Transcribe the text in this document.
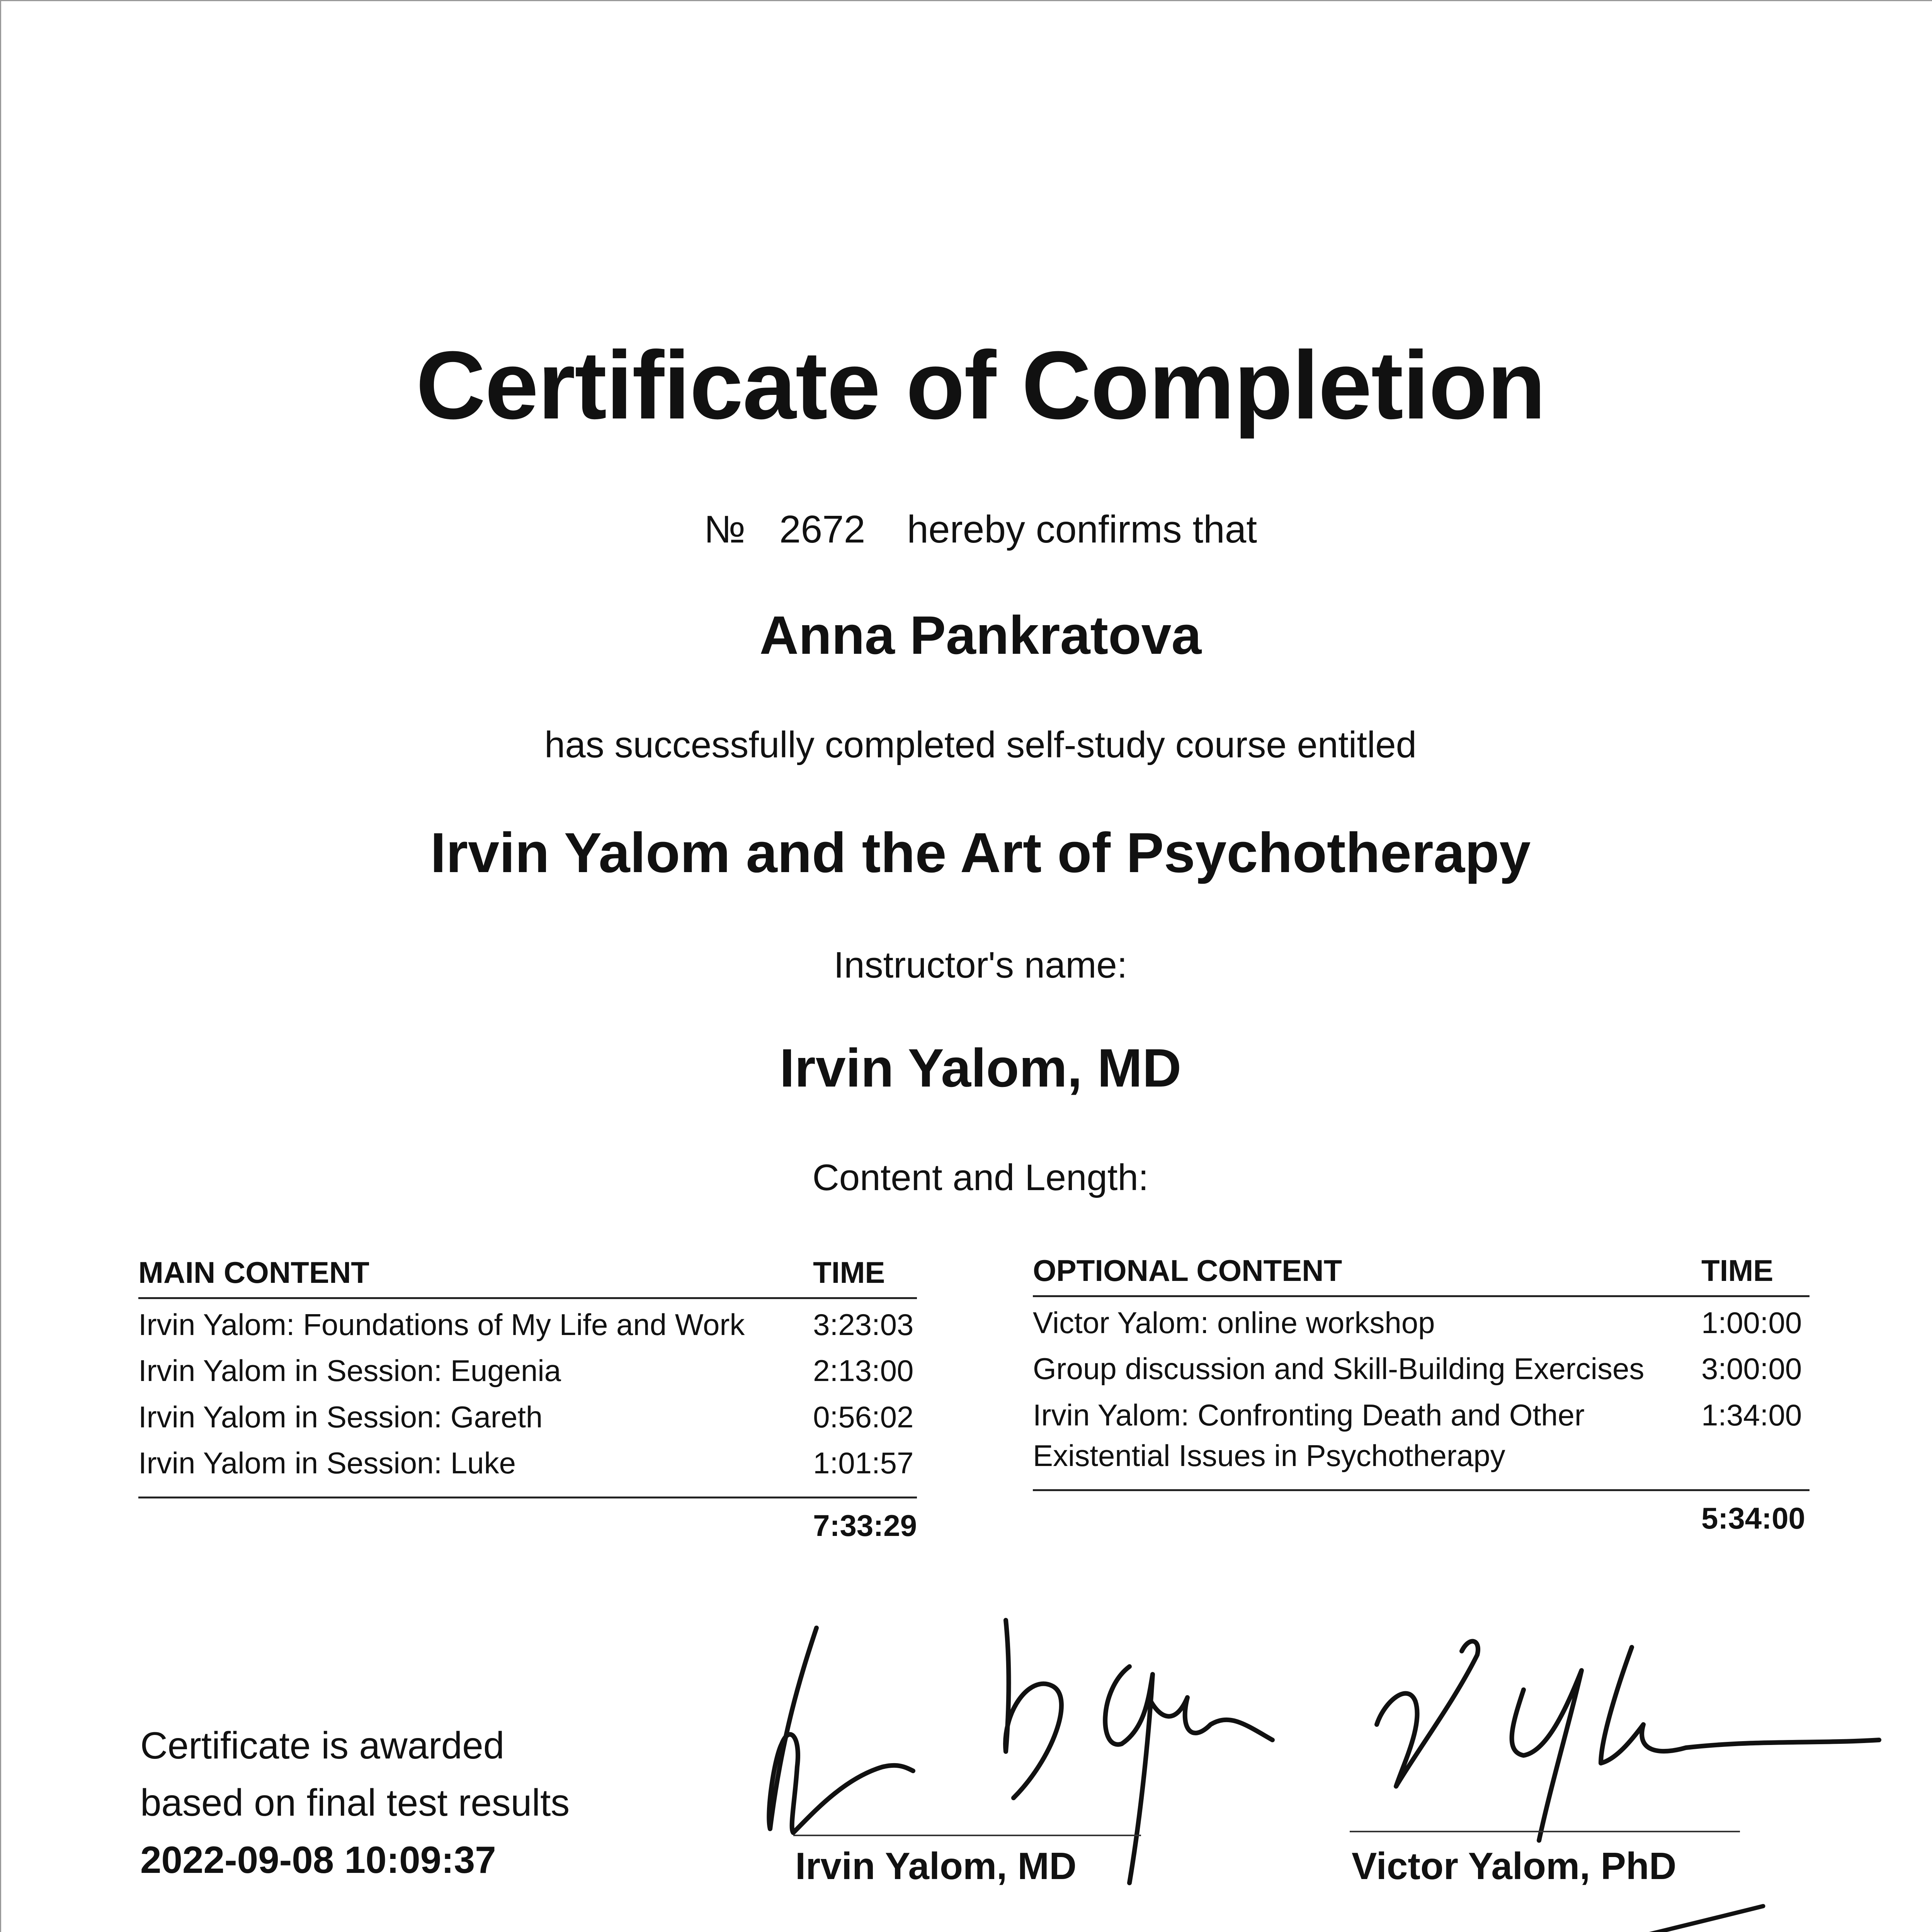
Certificate of Completion
№ 2672 hereby confirms that
Anna Pankratova
has successfully completed self-study course entitled
Irvin Yalom and the Art of Psychotherapy
Instructor's name:
Irvin Yalom, MD
Content and Length:
MAIN CONTENT	TIME
Irvin Yalom: Foundations of My Life and Work	3:23:03
Irvin Yalom in Session: Eugenia	2:13:00
Irvin Yalom in Session: Gareth	0:56:02
Irvin Yalom in Session: Luke	1:01:57

	7:33:29
OPTIONAL CONTENT	TIME
Victor Yalom: online workshop	1:00:00
Group discussion and Skill-Building Exercises	3:00:00
Irvin Yalom: Confronting Death and Other Existential Issues in Psychotherapy	1:34:00

	5:34:00
Certificate is awarded
based on final test results
2022-09-08 10:09:37	Irvin Yalom, MD	Victor Yalom, PhD
